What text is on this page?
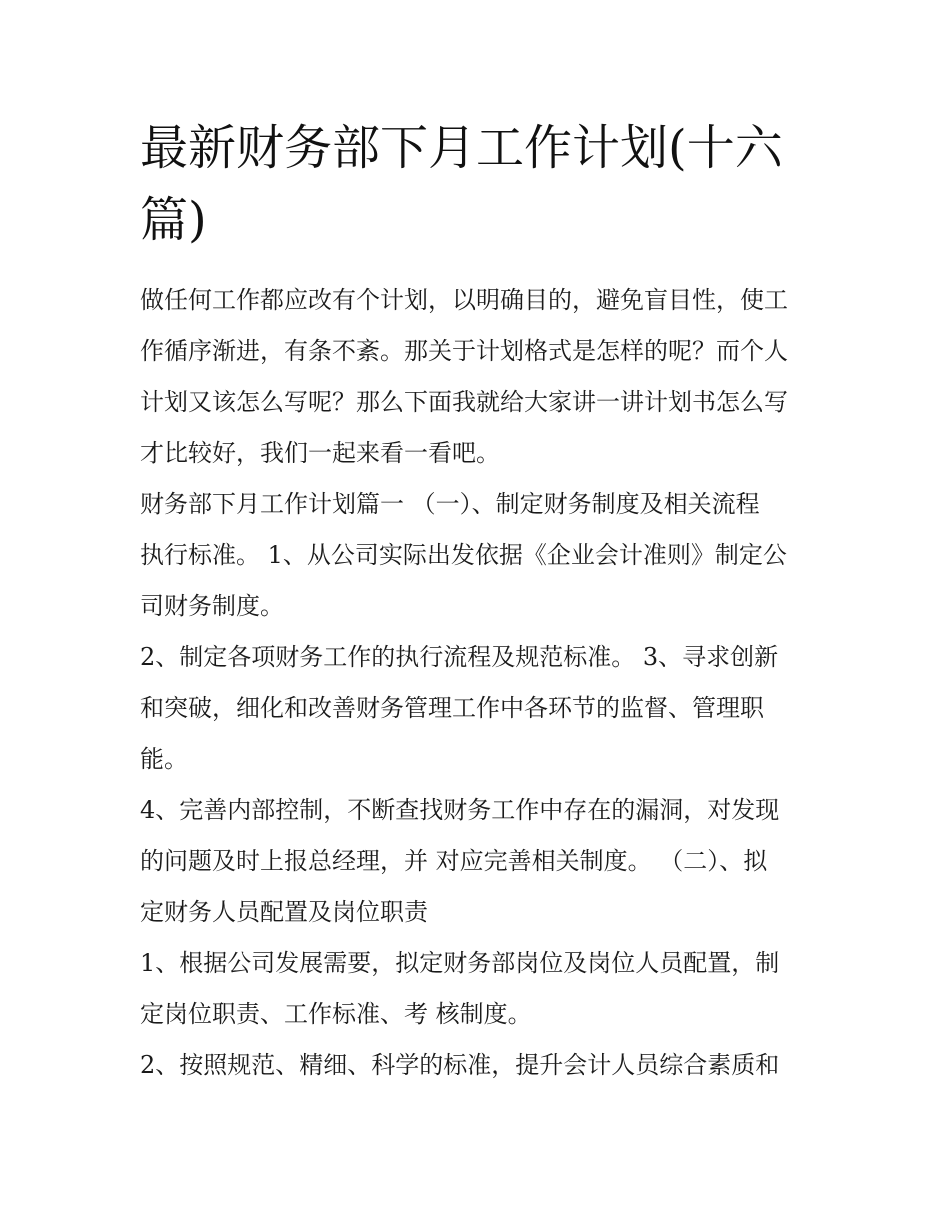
最新财务部下月工作计划(十六
篇)
做任何工作都应改有个计划，以明确目的，避免盲目性，使工
作循序渐进，有条不紊。那关于计划格式是怎样的呢？而个人
计划又该怎么写呢？那么下面我就给大家讲一讲计划书怎么写
才比较好，我们一起来看一看吧。
财务部下月工作计划篇一 （一）、制定财务制度及相关流程
执行标准。 1、从公司实际出发依据《企业会计准则》制定公
司财务制度。
2、制定各项财务工作的执行流程及规范标准。 3、寻求创新
和突破，细化和改善财务管理工作中各环节的监督、管理职
能。
4、完善内部控制，不断查找财务工作中存在的漏洞，对发现
的问题及时上报总经理，并 对应完善相关制度。 （二）、拟
定财务人员配置及岗位职责
1、根据公司发展需要，拟定财务部岗位及岗位人员配置，制
定岗位职责、工作标准、考 核制度。
2、按照规范、精细、科学的标准，提升会计人员综合素质和
